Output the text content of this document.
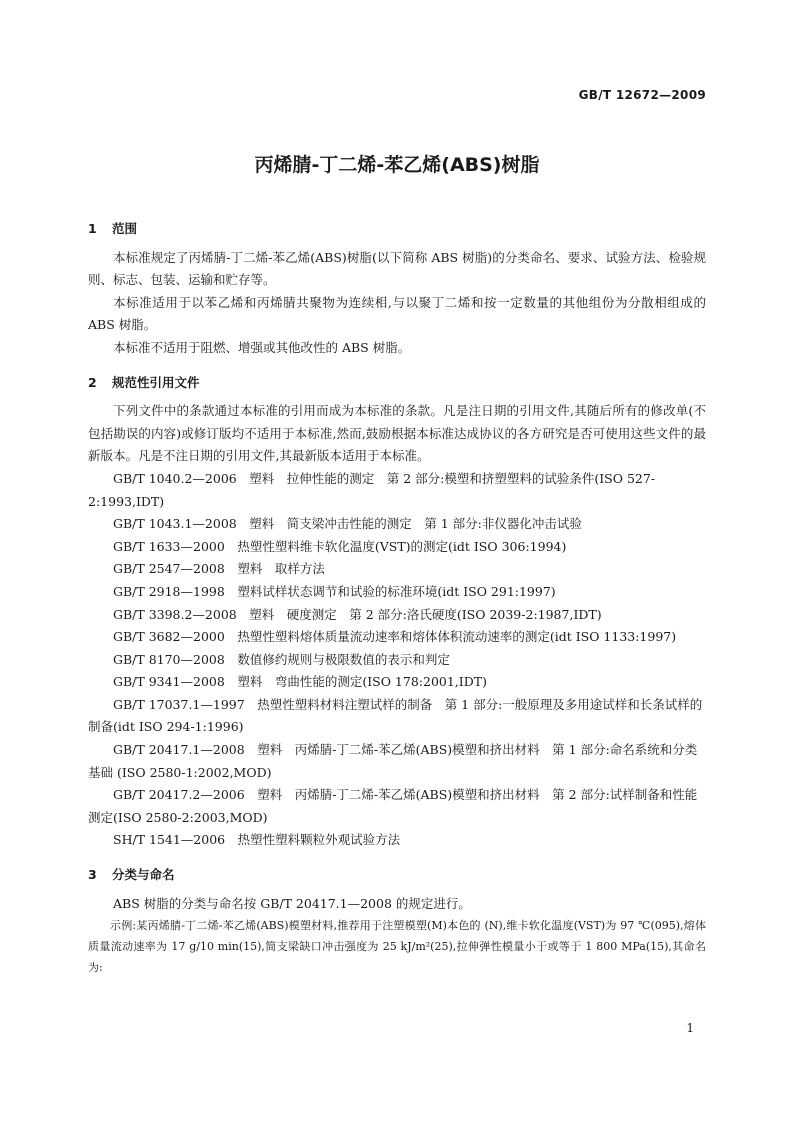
GB/T 12672—2009
丙烯腈-丁二烯-苯乙烯(ABS)树脂
1 范围

本标准规定了丙烯腈-丁二烯-苯乙烯(ABS)树脂(以下简称 ABS 树脂)的分类命名、要求、试验方法、检验规则、标志、包装、运输和贮存等。

本标准适用于以苯乙烯和丙烯腈共聚物为连续相,与以聚丁二烯和按一定数量的其他组份为分散相组成的 ABS 树脂。

本标准不适用于阻燃、增强或其他改性的 ABS 树脂。

2 规范性引用文件

下列文件中的条款通过本标准的引用而成为本标准的条款。凡是注日期的引用文件,其随后所有的修改单(不包括勘误的内容)或修订版均不适用于本标准,然而,鼓励根据本标准达成协议的各方研究是否可使用这些文件的最新版本。凡是不注日期的引用文件,其最新版本适用于本标准。

GB/T 1040.2—2006　塑料　拉伸性能的测定　第 2 部分:模塑和挤塑塑料的试验条件(ISO 527-2:1993,IDT)

GB/T 1043.1—2008　塑料　简支梁冲击性能的测定　第 1 部分:非仪器化冲击试验

GB/T 1633—2000　热塑性塑料维卡软化温度(VST)的测定(idt ISO 306:1994)

GB/T 2547—2008　塑料　取样方法

GB/T 2918—1998　塑料试样状态调节和试验的标准环境(idt ISO 291:1997)

GB/T 3398.2—2008　塑料　硬度测定　第 2 部分:洛氏硬度(ISO 2039-2:1987,IDT)

GB/T 3682—2000　热塑性塑料熔体质量流动速率和熔体体积流动速率的测定(idt ISO 1133:1997)

GB/T 8170—2008　数值修约规则与极限数值的表示和判定

GB/T 9341—2008　塑料　弯曲性能的测定(ISO 178:2001,IDT)

GB/T 17037.1—1997　热塑性塑料材料注塑试样的制备　第 1 部分:一般原理及多用途试样和长条试样的制备(idt ISO 294-1:1996)

GB/T 20417.1—2008　塑料　丙烯腈-丁二烯-苯乙烯(ABS)模塑和挤出材料　第 1 部分:命名系统和分类基础 (ISO 2580-1:2002,MOD)

GB/T 20417.2—2006　塑料　丙烯腈-丁二烯-苯乙烯(ABS)模塑和挤出材料　第 2 部分:试样制备和性能测定(ISO 2580-2:2003,MOD)

SH/T 1541—2006　热塑性塑料颗粒外观试验方法

3 分类与命名

ABS 树脂的分类与命名按 GB/T 20417.1—2008 的规定进行。

示例:某丙烯腈-丁二烯-苯乙烯(ABS)模塑材料,推荐用于注塑模塑(M)本色的 (N),维卡软化温度(VST)为 97 ℃(095),熔体质量流动速率为 17 g/10 min(15),简支梁缺口冲击强度为 25 kJ/m²(25),拉伸弹性模量小于或等于 1 800 MPa(15),其命名为:

1
